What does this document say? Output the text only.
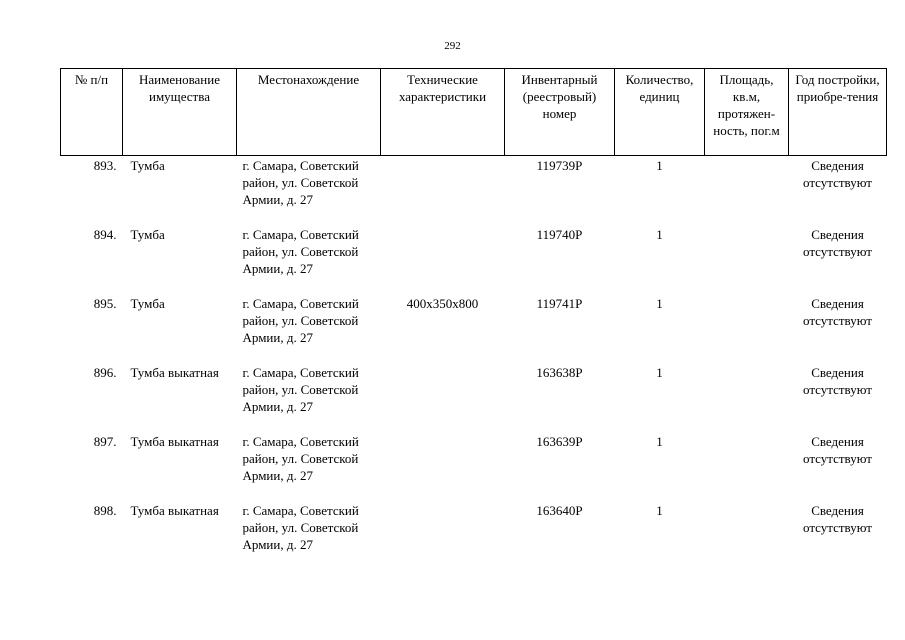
292
№ п/п	Наименование имущества	Местонахождение	Технические характеристики	Инвентарный (реестровый) номер	Количество, единиц	Площадь, кв.м, протяжен-ность, пог.м	Год постройки, приобре-тения
893.	Тумба	г. Самара, Советский район, ул. Советской Армии, д. 27		119739Р	1		Сведения отсутствуют
894.	Тумба	г. Самара, Советский район, ул. Советской Армии, д. 27		119740Р	1		Сведения отсутствуют
895.	Тумба	г. Самара, Советский район, ул. Советской Армии, д. 27	400х350х800	119741Р	1		Сведения отсутствуют
896.	Тумба выкатная	г. Самара, Советский район, ул. Советской Армии, д. 27		163638Р	1		Сведения отсутствуют
897.	Тумба выкатная	г. Самара, Советский район, ул. Советской Армии, д. 27		163639Р	1		Сведения отсутствуют
898.	Тумба выкатная	г. Самара, Советский район, ул. Советской Армии, д. 27		163640Р	1		Сведения отсутствуют
